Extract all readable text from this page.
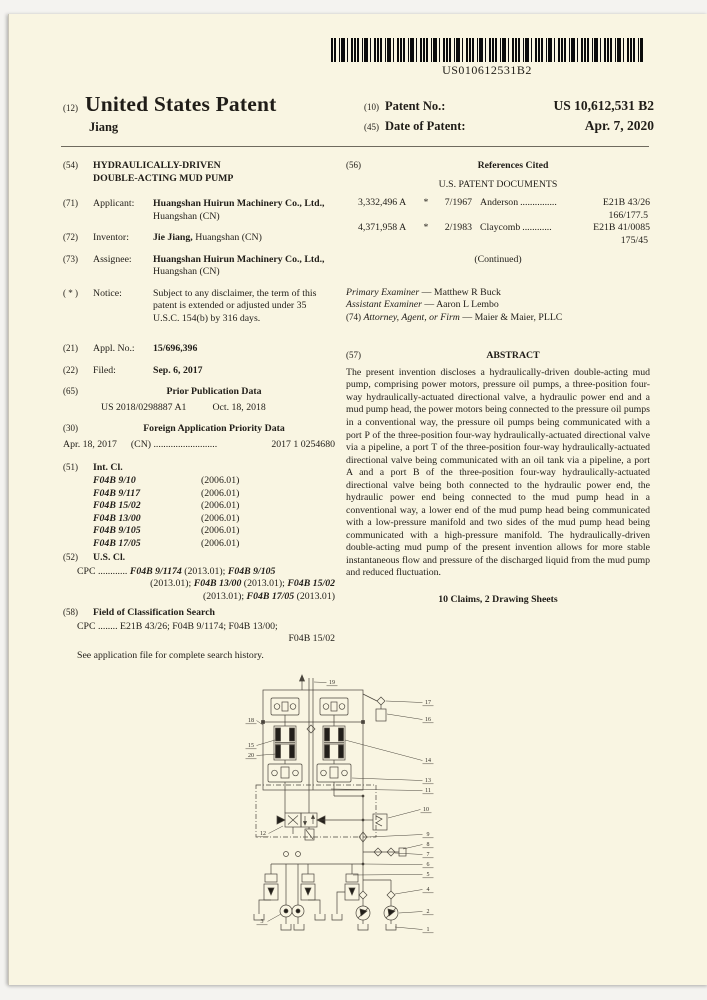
US010612531B2
(12) United States Patent
Jiang
(10) Patent No.:	US 10,612,531 B2
(45) Date of Patent:	Apr. 7, 2020
(54)	HYDRAULICALLY-DRIVEN
DOUBLE-ACTING MUD PUMP
(71)	Applicant:	Huangshan Huirun Machinery Co., Ltd., Huangshan (CN)
(72)	Inventor:	Jie Jiang, Huangshan (CN)
(73)	Assignee:	Huangshan Huirun Machinery Co., Ltd., Huangshan (CN)
( * )	Notice:	Subject to any disclaimer, the term of this patent is extended or adjusted under 35 U.S.C. 154(b) by 316 days.
(21)	Appl. No.:	15/696,396
(22)	Filed:	Sep. 6, 2017
(65)	Prior Publication Data
US 2018/0298887 A1	Oct. 18, 2018
(30)	Foreign Application Priority Data
Apr. 18, 2017	(CN) ..........................	2017 1 0254680
(51)	Int. Cl.
F04B 9/10	(2006.01)
F04B 9/117	(2006.01)
F04B 15/02	(2006.01)
F04B 13/00	(2006.01)
F04B 9/105	(2006.01)
F04B 17/05	(2006.01)
(52)	U.S. Cl.
CPC ............ F04B 9/1174 (2013.01); F04B 9/105
(2013.01); F04B 13/00 (2013.01); F04B 15/02
(2013.01); F04B 17/05 (2013.01)
(58)	Field of Classification Search
CPC ........ E21B 43/26; F04B 9/1174; F04B 13/00;
F04B 15/02
See application file for complete search history.
(56)	References Cited
U.S. PATENT DOCUMENTS
3,332,496 A	*	7/1967 Anderson ...............	E21B 43/26
166/177.5
4,371,958 A	*	2/1983 Claycomb ............	E21B 41/0085
175/45
(Continued)
Primary Examiner — Matthew R Buck
Assistant Examiner — Aaron L Lembo
(74) Attorney, Agent, or Firm — Maier & Maier, PLLC
(57)	ABSTRACT
The present invention discloses a hydraulically-driven double-acting mud pump, comprising power motors, pressure oil pumps, a three-position four-way hydraulically-actuated directional valve, a hydraulic power end and a mud pump head, the power motors being connected to the pressure oil pumps in a conventional way, the pressure oil pumps being communicated with a port P of the three-position four-way hydraulically-actuated directional valve via a pipeline, a port T of the three-position four-way hydraulically-actuated directional valve being communicated with an oil tank via a pipeline, a port A and a port B of the three-position four-way hydraulically-actuated directional valve being both connected to the hydraulic power end, the hydraulic power end being connected to the mud pump head in a conventional way, a lower end of the mud pump head being communicated with a low-pressure manifold and two sides of the mud pump head being communicated with a high-pressure manifold. The hydraulically-driven double-acting mud pump of the present invention allows for more stable instantaneous flow and pressure of the discharged liquid from the mud pump and reduced fluctuation.
10 Claims, 2 Drawing Sheets
19
18
17
16
15
20
14
13
11
12
10
9
8
7
6
5
4
3
2
1
